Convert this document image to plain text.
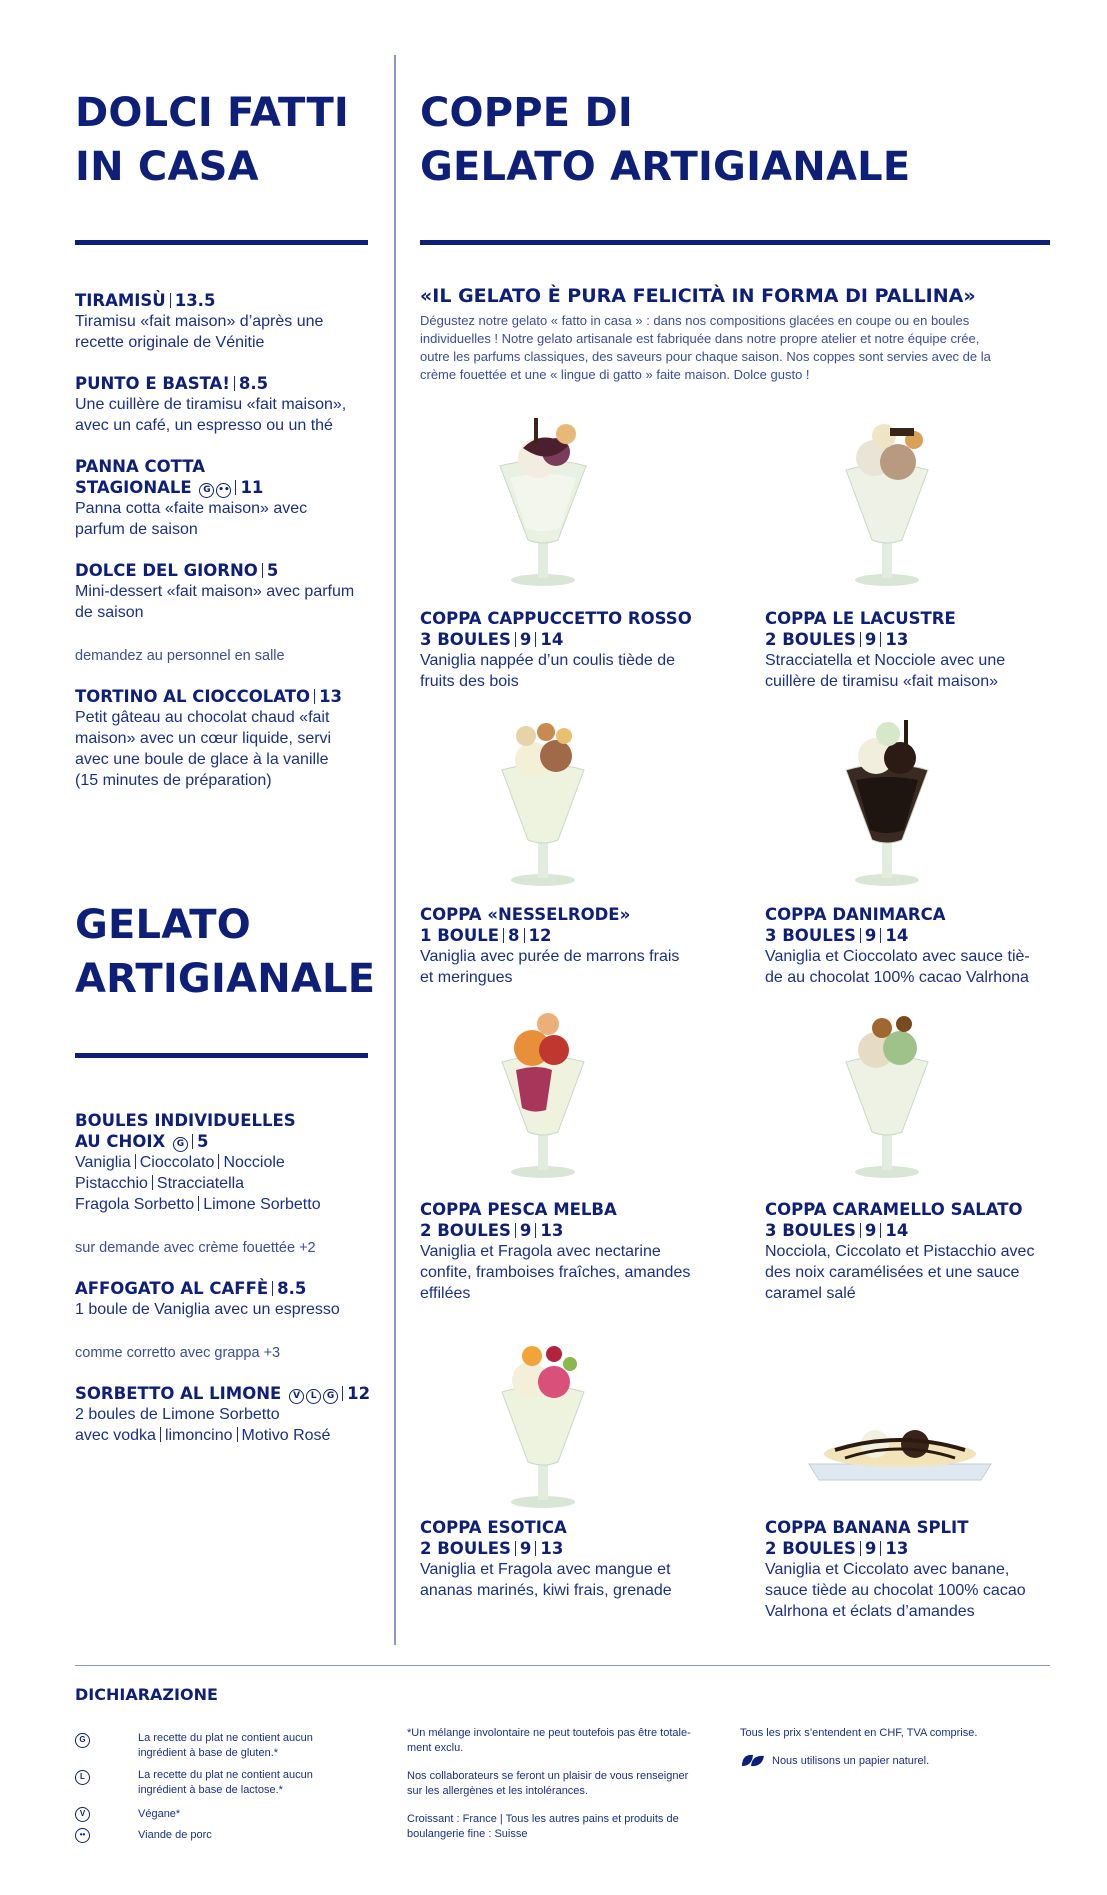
DOLCI FATTI
IN CASA
TIRAMISÙ 13.5
Tiramisu «fait maison» d’après une
recette originale de Vénitie
PUNTO E BASTA! 8.5
Une cuillère de tiramisu «fait maison»,
avec un café, un espresso ou un thé
PANNA COTTA
STAGIONALE G •• 11
Panna cotta «faite maison» avec
parfum de saison
DOLCE DEL GIORNO 5
Mini-dessert «fait maison» avec parfum
de saison
demandez au personnel en salle
TORTINO AL CIOCCOLATO 13
Petit gâteau au chocolat chaud «fait
maison» avec un cœur liquide, servi
avec une boule de glace à la vanille
(15 minutes de préparation)
GELATO
ARTIGIANALE
BOULES INDIVIDUELLES
AU CHOIX G 5
Vaniglia Cioccolato Nocciole
Pistacchio Stracciatella
Fragola Sorbetto Limone Sorbetto
sur demande avec crème fouettée +2
AFFOGATO AL CAFFÈ 8.5
1 boule de Vaniglia avec un espresso
comme corretto avec grappa +3
SORBETTO AL LIMONE V L G 12
2 boules de Limone Sorbetto
avec vodka limoncino Motivo Rosé
COPPE DI
GELATO ARTIGIANALE
«IL GELATO È PURA FELICITÀ IN FORMA DI PALLINA»
Dégustez notre gelato « fatto in casa » : dans nos compositions glacées en coupe ou en boules
individuelles ! Notre gelato artisanale est fabriquée dans notre propre atelier et notre équipe crée,
outre les parfums classiques, des saveurs pour chaque saison. Nos coppes sont servies avec de la
crème fouettée et une « lingue di gatto » faite maison. Dolce gusto !
COPPA CAPPUCCETTO ROSSO
3 BOULES 9 14
Vaniglia nappée d’un coulis tiède de
fruits des bois
COPPA LE LACUSTRE
2 BOULES 9 13
Stracciatella et Nocciole avec une
cuillère de tiramisu «fait maison»
COPPA «NESSELRODE»
1 BOULE 8 12
Vaniglia avec purée de marrons frais
et meringues
COPPA DANIMARCA
3 BOULES 9 14
Vaniglia et Cioccolato avec sauce tiè-
de au chocolat 100% cacao Valrhona
COPPA PESCA MELBA
2 BOULES 9 13
Vaniglia et Fragola avec nectarine
confite, framboises fraîches, amandes
effilées
COPPA CARAMELLO SALATO
3 BOULES 9 14
Nocciola, Ciccolato et Pistacchio avec
des noix caramélisées et une sauce
caramel salé
COPPA ESOTICA
2 BOULES 9 13
Vaniglia et Fragola avec mangue et
ananas marinés, kiwi frais, grenade
COPPA BANANA SPLIT
2 BOULES 9 13
Vaniglia et Ciccolato avec banane,
sauce tiède au chocolat 100% cacao
Valrhona et éclats d’amandes
DICHIARAZIONE
G	La recette du plat ne contient aucun
ingrédient à base de gluten.*
L	La recette du plat ne contient aucun
ingrédient à base de lactose.*
V	Végane*
••	Viande de porc
*Un mélange involontaire ne peut toutefois pas être totale-
ment exclu.
Nos collaborateurs se feront un plaisir de vous renseigner
sur les allergènes et les intolérances.
Croissant : France | Tous les autres pains et produits de
boulangerie fine : Suisse
Tous les prix s’entendent en CHF, TVA comprise.
Nous utilisons un papier naturel.
